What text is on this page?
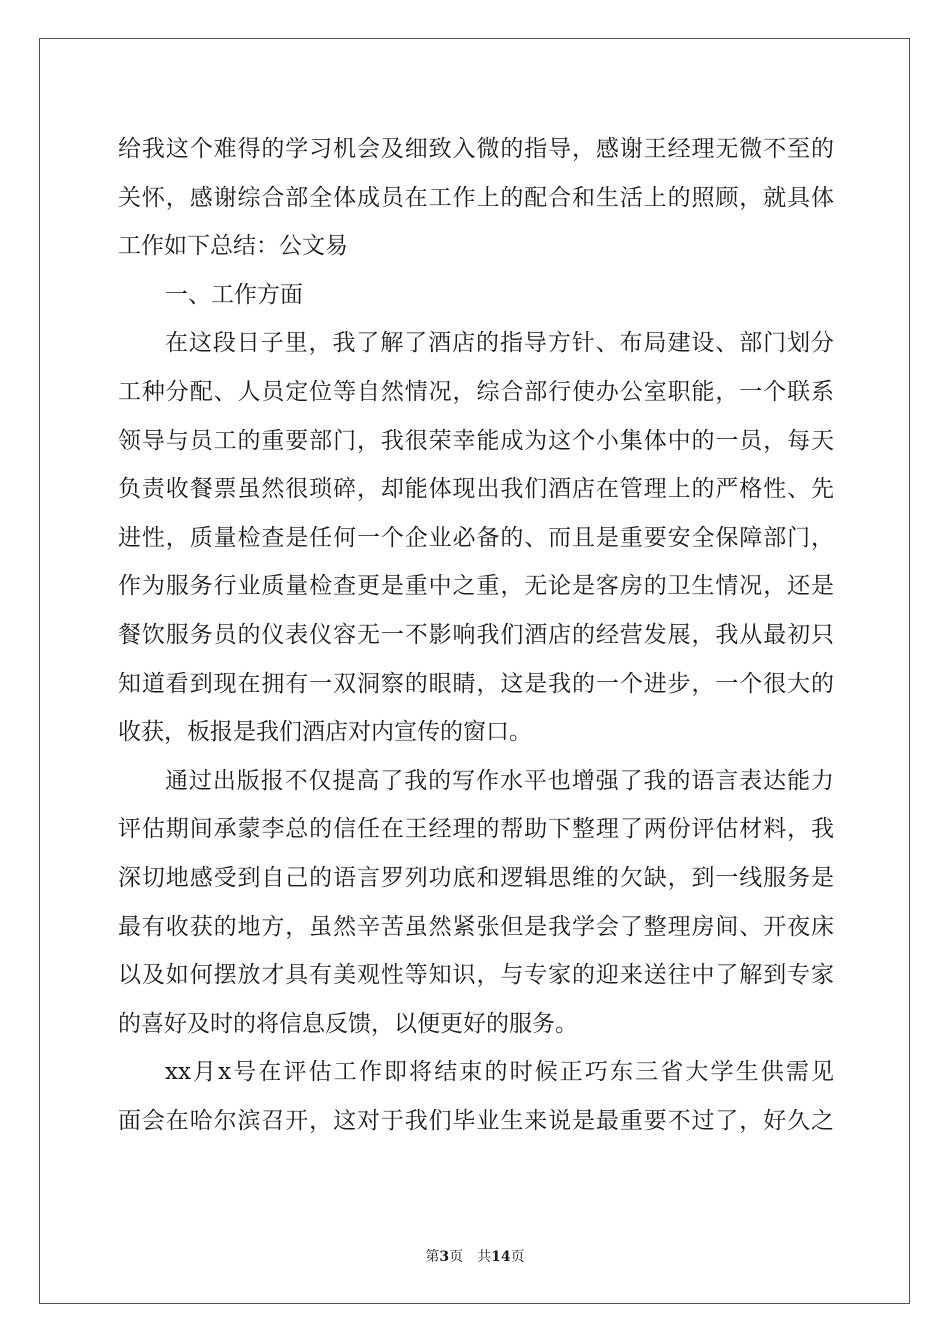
给我这个难得的学习机会及细致入微的指导，感谢王经理无微不至的
关怀，感谢综合部全体成员在工作上的配合和生活上的照顾，就具体
工作如下总结：公文易
一、工作方面
在这段日子里，我了解了酒店的指导方针、布局建设、部门划分
工种分配、人员定位等自然情况，综合部行使办公室职能，一个联系
领导与员工的重要部门，我很荣幸能成为这个小集体中的一员，每天
负责收餐票虽然很琐碎，却能体现出我们酒店在管理上的严格性、先
进性，质量检查是任何一个企业必备的、而且是重要安全保障部门，
作为服务行业质量检查更是重中之重，无论是客房的卫生情况，还是
餐饮服务员的仪表仪容无一不影响我们酒店的经营发展，我从最初只
知道看到现在拥有一双洞察的眼睛，这是我的一个进步，一个很大的
收获，板报是我们酒店对内宣传的窗口。
通过出版报不仅提高了我的写作水平也增强了我的语言表达能力
评估期间承蒙李总的信任在王经理的帮助下整理了两份评估材料，我
深切地感受到自己的语言罗列功底和逻辑思维的欠缺，到一线服务是
最有收获的地方，虽然辛苦虽然紧张但是我学会了整理房间、开夜床
以及如何摆放才具有美观性等知识，与专家的迎来送往中了解到专家
的喜好及时的将信息反馈，以便更好的服务。
xx月x号在评估工作即将结束的时候正巧东三省大学生供需见
面会在哈尔滨召开，这对于我们毕业生来说是最重要不过了，好久之
第3页 共14页
